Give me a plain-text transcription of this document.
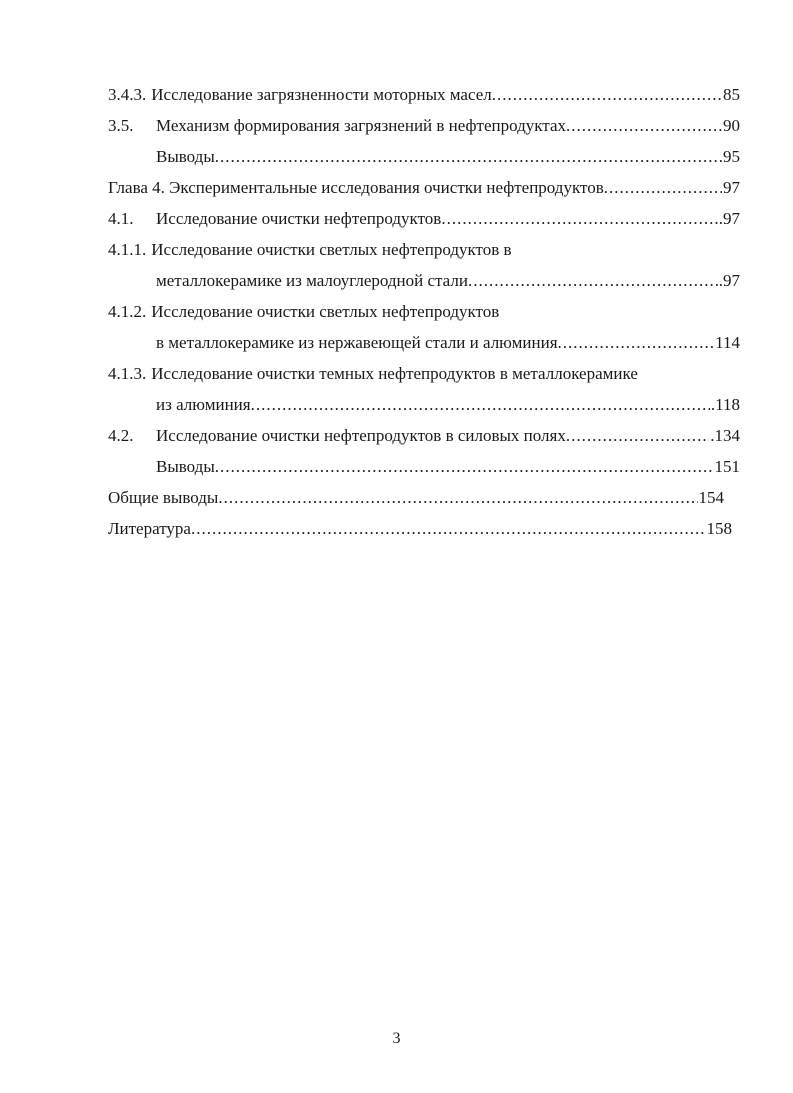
3.4.3. Исследование загрязненности моторных масел .....	85
3.5.	Механизм формирования загрязнений в нефтепродуктах .....	90
Выводы .....	.95
Глава 4. Экспериментальные исследования очистки нефтепродуктов .....	97
4.1.	Исследование очистки нефтепродуктов .....	.97
4.1.1. Исследование очистки светлых нефтепродуктов в
металлокерамике из малоуглеродной стали .....	.97
4.1.2. Исследование очистки светлых нефтепродуктов
в металлокерамике из нержавеющей стали и алюминия .....	114
4.1.3. Исследование очистки темных нефтепродуктов в металлокерамике
из алюминия .....	.118
4.2.	Исследование очистки нефтепродуктов в силовых полях .....	.134
Выводы .....	151
Общие выводы .....	154
Литература .....	158
3
